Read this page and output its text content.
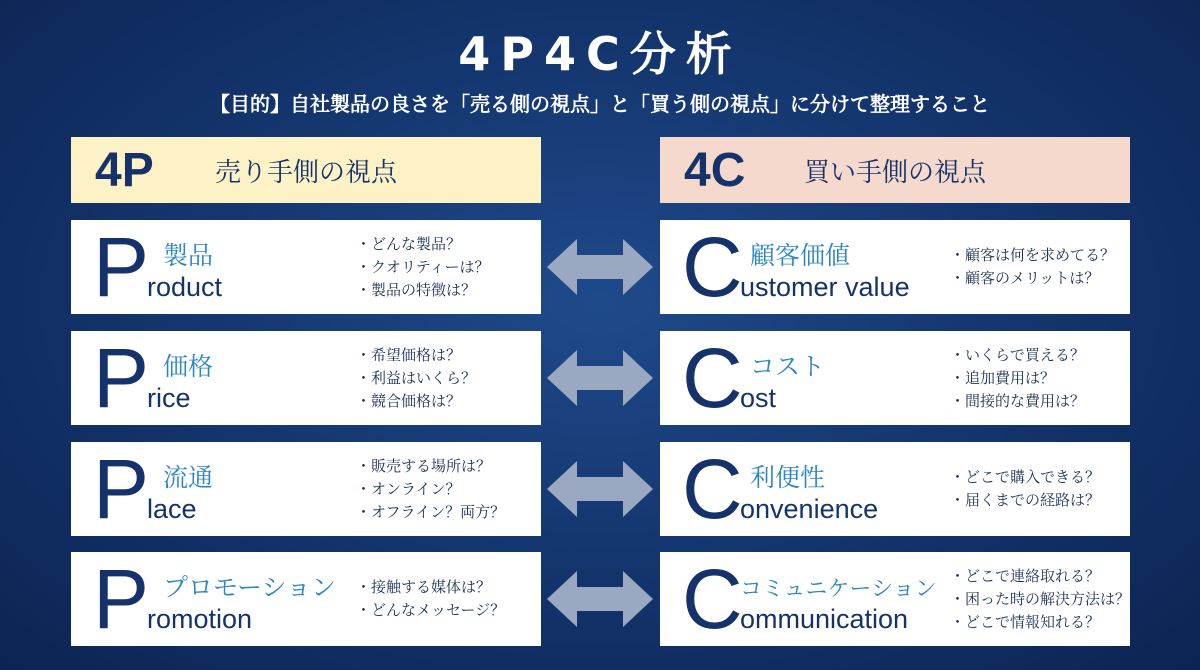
4P4C分析
【目的】自社製品の良さを「売る側の視点」と「買う側の視点」に分けて整理すること
4P	売り手側の視点	4C	買い手側の視点
P 製品
roduct
・どんな製品？
・クオリティーは？
・製品の特徴は？
P 価格
rice
・希望価格は？
・利益はいくら？
・競合価格は？
P 流通
lace
・販売する場所は？
・オンライン？
・オフライン？両方？
P プロモーション
romotion
・接触する媒体は？
・どんなメッセージ？
C 顧客価値
ustomer value
・顧客は何を求めてる？
・顧客のメリットは？
C コスト
ost
・いくらで買える？
・追加費用は？
・間接的な費用は？
C 利便性
onvenience
・どこで購入できる？
・届くまでの経路は？
C
コミュニケーション
ommunication
・どこで連絡取れる？
・困った時の解決方法は？
・どこで情報知れる？
